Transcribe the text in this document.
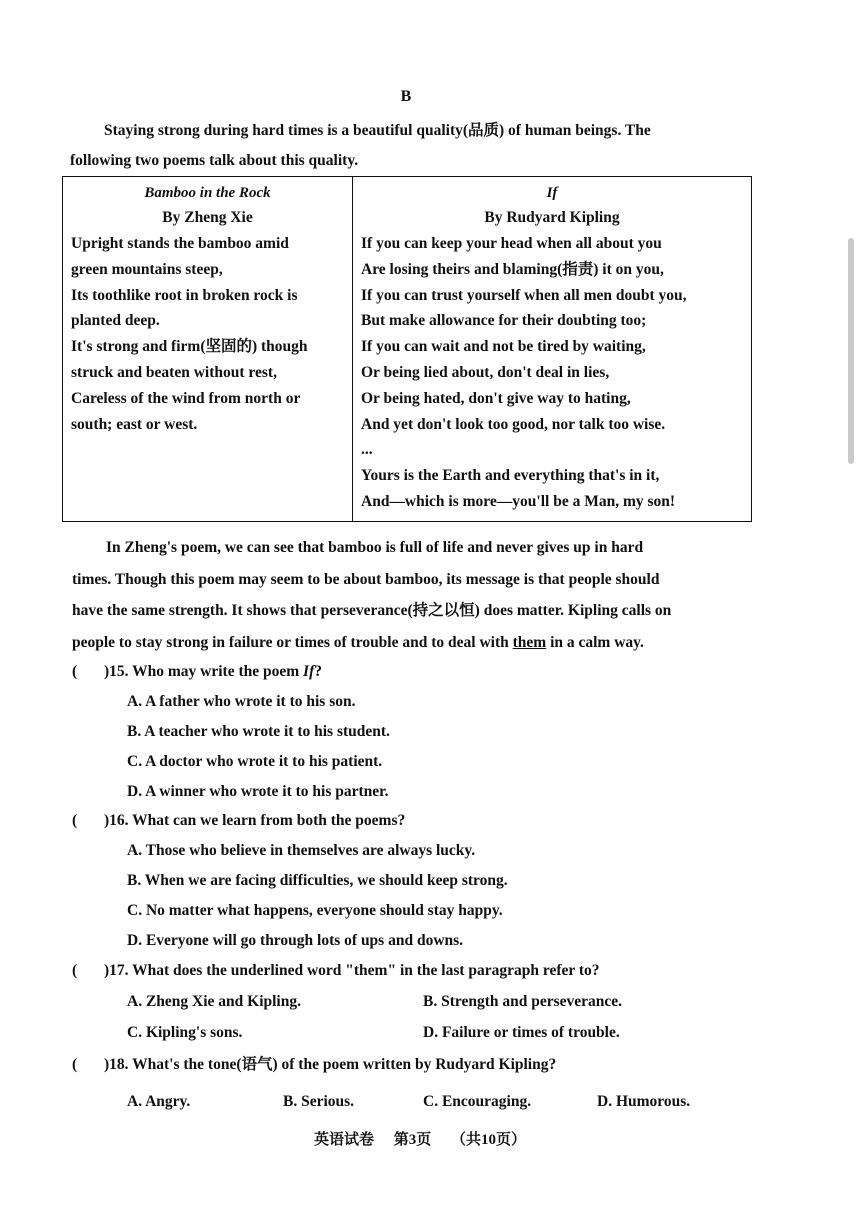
B
Staying strong during hard times is a beautiful quality(品质) of human beings. The
following two poems talk about this quality.
Bamboo in the Rock
By Zheng Xie
Upright stands the bamboo amid
green mountains steep,
Its toothlike root in broken rock is
planted deep.
It's strong and firm(坚固的) though
struck and beaten without rest,
Careless of the wind from north or
south; east or west.
If
By Rudyard Kipling
If you can keep your head when all about you
Are losing theirs and blaming(指责) it on you,
If you can trust yourself when all men doubt you,
But make allowance for their doubting too;
If you can wait and not be tired by waiting,
Or being lied about, don't deal in lies,
Or being hated, don't give way to hating,
And yet don't look too good, nor talk too wise.
...
Yours is the Earth and everything that's in it,
And—which is more—you'll be a Man, my son!
In Zheng's poem, we can see that bamboo is full of life and never gives up in hard
times. Though this poem may seem to be about bamboo, its message is that people should
have the same strength. It shows that perseverance(持之以恒) does matter. Kipling calls on
people to stay strong in failure or times of trouble and to deal with them in a calm way.
( )15. Who may write the poem If?
A. A father who wrote it to his son.
B. A teacher who wrote it to his student.
C. A doctor who wrote it to his patient.
D. A winner who wrote it to his partner.
( )16. What can we learn from both the poems?
A. Those who believe in themselves are always lucky.
B. When we are facing difficulties, we should keep strong.
C. No matter what happens, everyone should stay happy.
D. Everyone will go through lots of ups and downs.
( )17. What does the underlined word "them" in the last paragraph refer to?
A. Zheng Xie and Kipling.	B. Strength and perseverance.
C. Kipling's sons.	D. Failure or times of trouble.
( )18. What's the tone(语气) of the poem written by Rudyard Kipling?
A. Angry.	B. Serious.	C. Encouraging.	D. Humorous.
英语试卷 第3页 （共10页）
